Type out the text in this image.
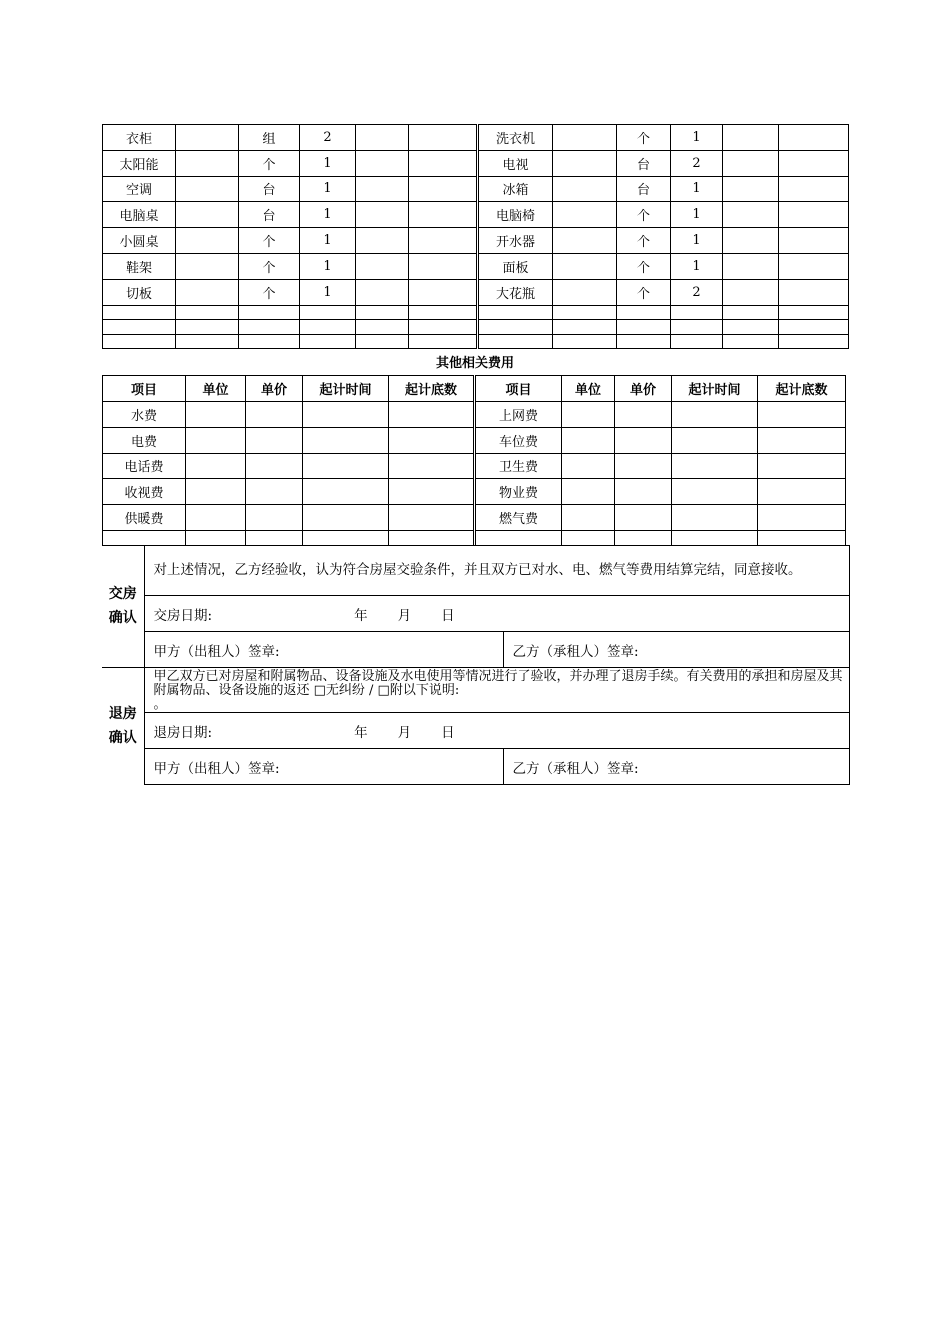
衣柜		组	2			洗衣机		个	1		
太阳能		个	1			电视		台	2		
空调		台	1			冰箱		台	1		
电脑桌		台	1			电脑椅		个	1		
小圆桌		个	1			开水器		个	1		
鞋架		个	1			面板		个	1		
切板		个	1			大花瓶		个	2		

其他相关费用
项目	单位	单价	起计时间	起计底数	项目	单位	单价	起计时间	起计底数
水费					上网费				
电费					车位费				
电话费					卫生费				
收视费					物业费				
供暖费					燃气费				

交房确认	对上述情况，乙方经验收，认为符合房屋交验条件，并且双方已对水、电、燃气等费用结算完结，同意接收。	
	交房日期: 年 月 日	
	甲方（出租人）签章:	乙方（承租人）签章:
退房确认	甲乙双方已对房屋和附属物品、设备设施及水电使用等情况进行了验收，并办理了退房手续。有关费用的承担和房屋及其附属物品、设备设施的返还 □无纠纷 / □附以下说明:
。	
	退房日期: 年 月 日	
	甲方（出租人）签章:	乙方（承租人）签章:
